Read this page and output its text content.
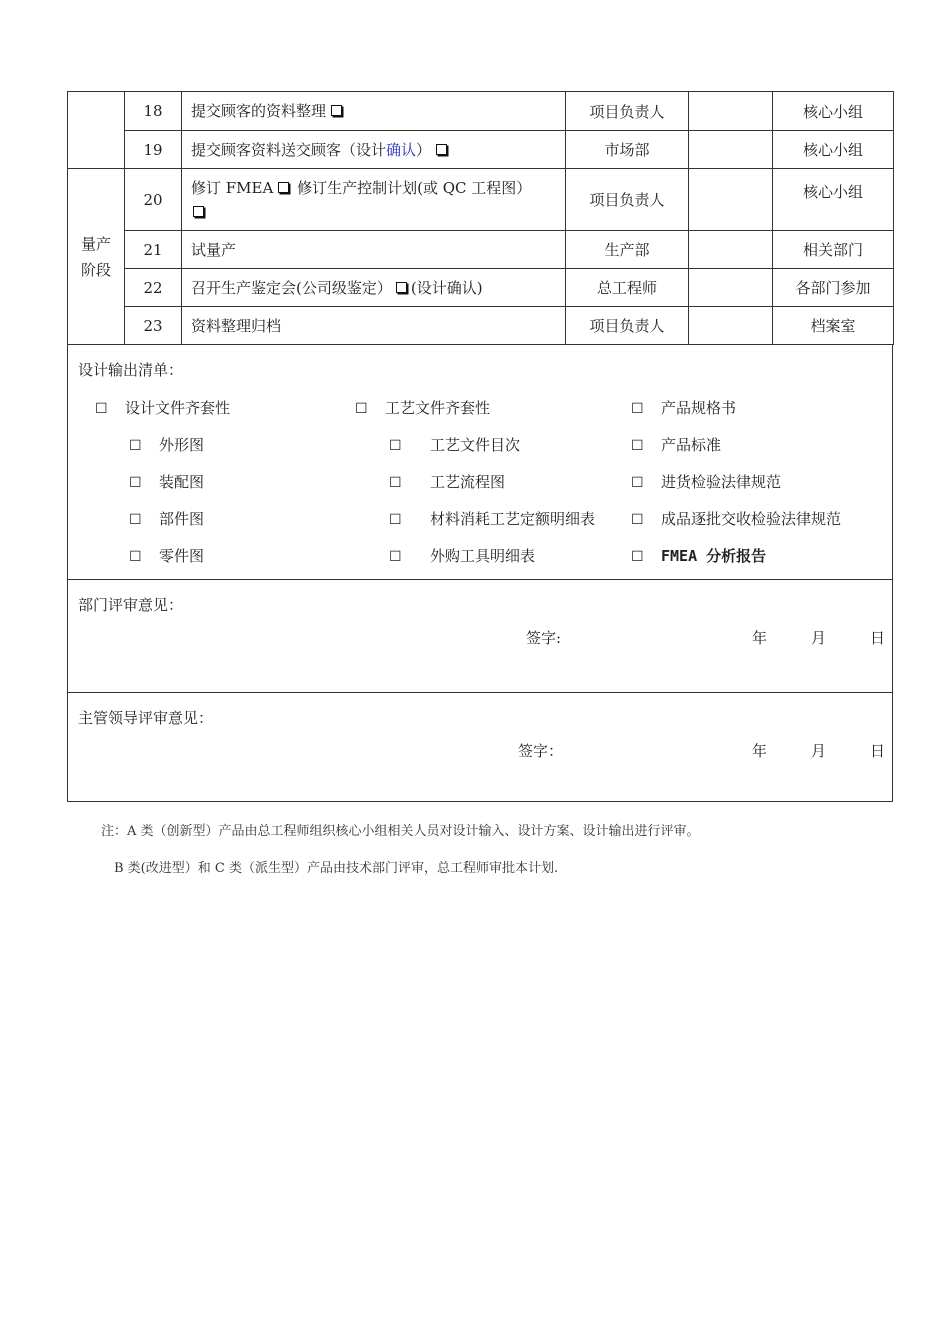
	18	提交顾客的资料整理	项目负责人		核心小组
	19	提交顾客资料送交顾客（设计确认）	市场部		核心小组
量产
阶段	20	修订 FMEA 修订生产控制计划(或 QC 工程图）	项目负责人		核心小组
	21	试量产	生产部		相关部门
	22	召开生产鉴定会(公司级鉴定） (设计确认)	总工程师		各部门参加
	23	资料整理归档	项目负责人		档案室
设计输出清单：
☐ 设计文件齐套性
☐ 外形图
☐ 装配图
☐ 部件图
☐ 零件图
☐ 工艺文件齐套性
☐ 工艺文件目次
☐ 工艺流程图
☐ 材料消耗工艺定额明细表
☐ 外购工具明细表
☐ 产品规格书
☐ 产品标准
☐ 进货检验法律规范
☐ 成品逐批交收检验法律规范
☐ FMEA 分析报告
部门评审意见：
签字:	年	月	日
主管领导评审意见：
签字：	年	月	日
注：A 类（创新型）产品由总工程师组织核心小组相关人员对设计输入、设计方案、设计输出进行评审。
B 类(改进型）和 C 类（派生型）产品由技术部门评审，总工程师审批本计划.
